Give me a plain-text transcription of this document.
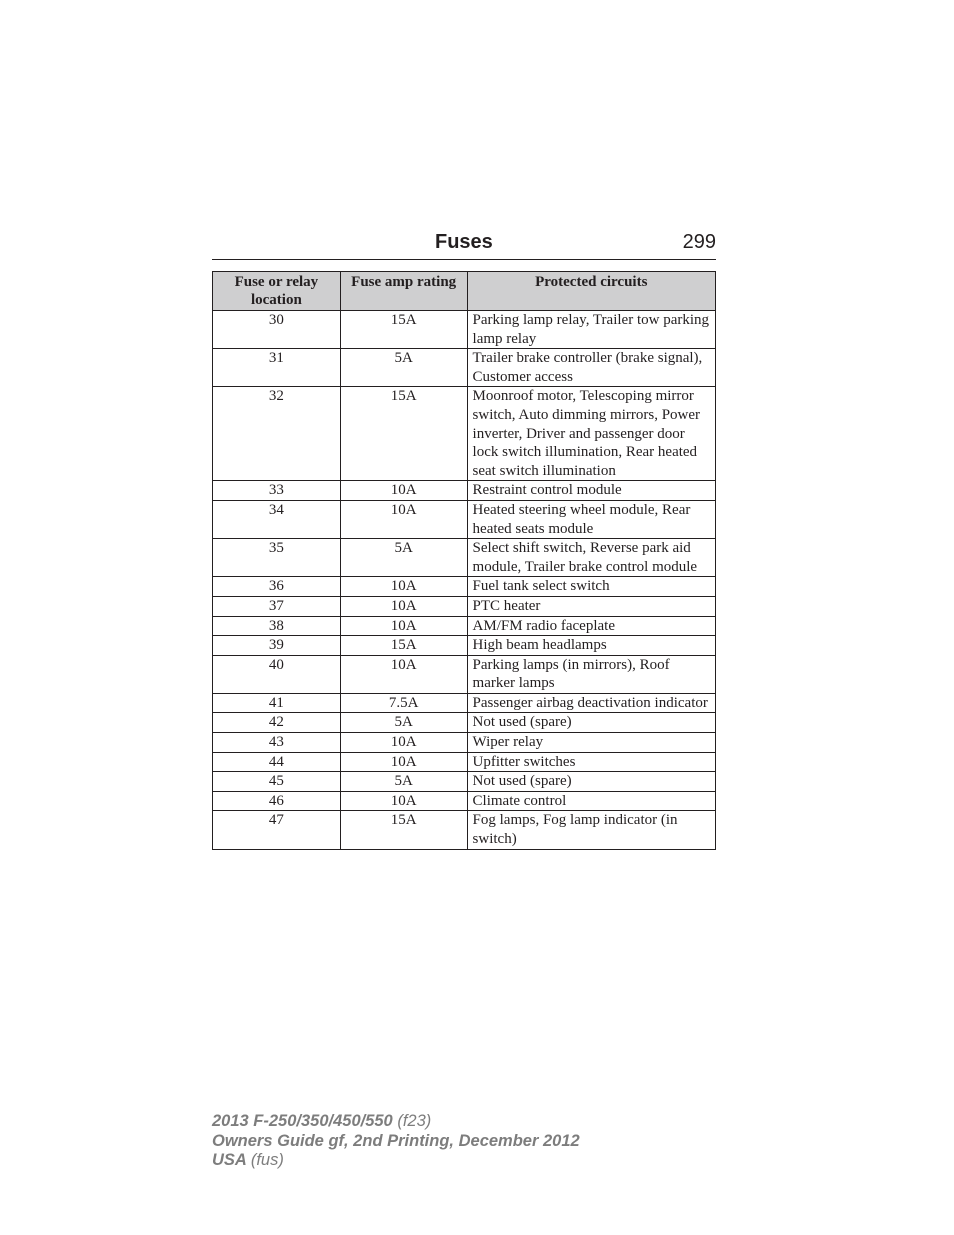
Fuses	299
Fuse or relay location	Fuse amp rating	Protected circuits
30	15A	Parking lamp relay, Trailer tow parking lamp relay
31	5A	Trailer brake controller (brake signal), Customer access
32	15A	Moonroof motor, Telescoping mirror switch, Auto dimming mirrors, Power inverter, Driver and passenger door lock switch illumination, Rear heated seat switch illumination
33	10A	Restraint control module
34	10A	Heated steering wheel module, Rear heated seats module
35	5A	Select shift switch, Reverse park aid module, Trailer brake control module
36	10A	Fuel tank select switch
37	10A	PTC heater
38	10A	AM/FM radio faceplate
39	15A	High beam headlamps
40	10A	Parking lamps (in mirrors), Roof marker lamps
41	7.5A	Passenger airbag deactivation indicator
42	5A	Not used (spare)
43	10A	Wiper relay
44	10A	Upfitter switches
45	5A	Not used (spare)
46	10A	Climate control
47	15A	Fog lamps, Fog lamp indicator (in switch)
2013 F-250/350/450/550 (f23)
Owners Guide gf, 2nd Printing, December 2012
USA (fus)
